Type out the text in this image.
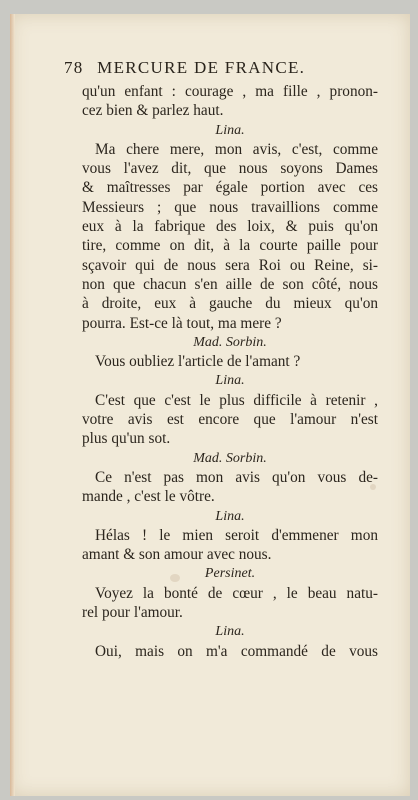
78 MERCURE DE FRANCE.
qu'un enfant : courage , ma fille , pronon-
cez bien & parlez haut.
Lina.
Ma chere mere, mon avis, c'est, comme
vous l'avez dit, que nous soyons Dames
& maîtresses par égale portion avec ces
Messieurs ; que nous travaillions comme
eux à la fabrique des loix, & puis qu'on
tire, comme on dit, à la courte paille pour
sçavoir qui de nous sera Roi ou Reine, si-
non que chacun s'en aille de son côté, nous
à droite, eux à gauche du mieux qu'on
pourra. Est-ce là tout, ma mere ?
Mad. Sorbin.
Vous oubliez l'article de l'amant ?
Lina.
C'est que c'est le plus difficile à retenir ,
votre avis est encore que l'amour n'est
plus qu'un sot.
Mad. Sorbin.
Ce n'est pas mon avis qu'on vous de-
mande , c'est le vôtre.
Lina.
Hélas ! le mien seroit d'emmener mon
amant & son amour avec nous.
Persinet.
Voyez la bonté de cœur , le beau natu-
rel pour l'amour.
Lina.
Oui, mais on m'a commandé de vous
